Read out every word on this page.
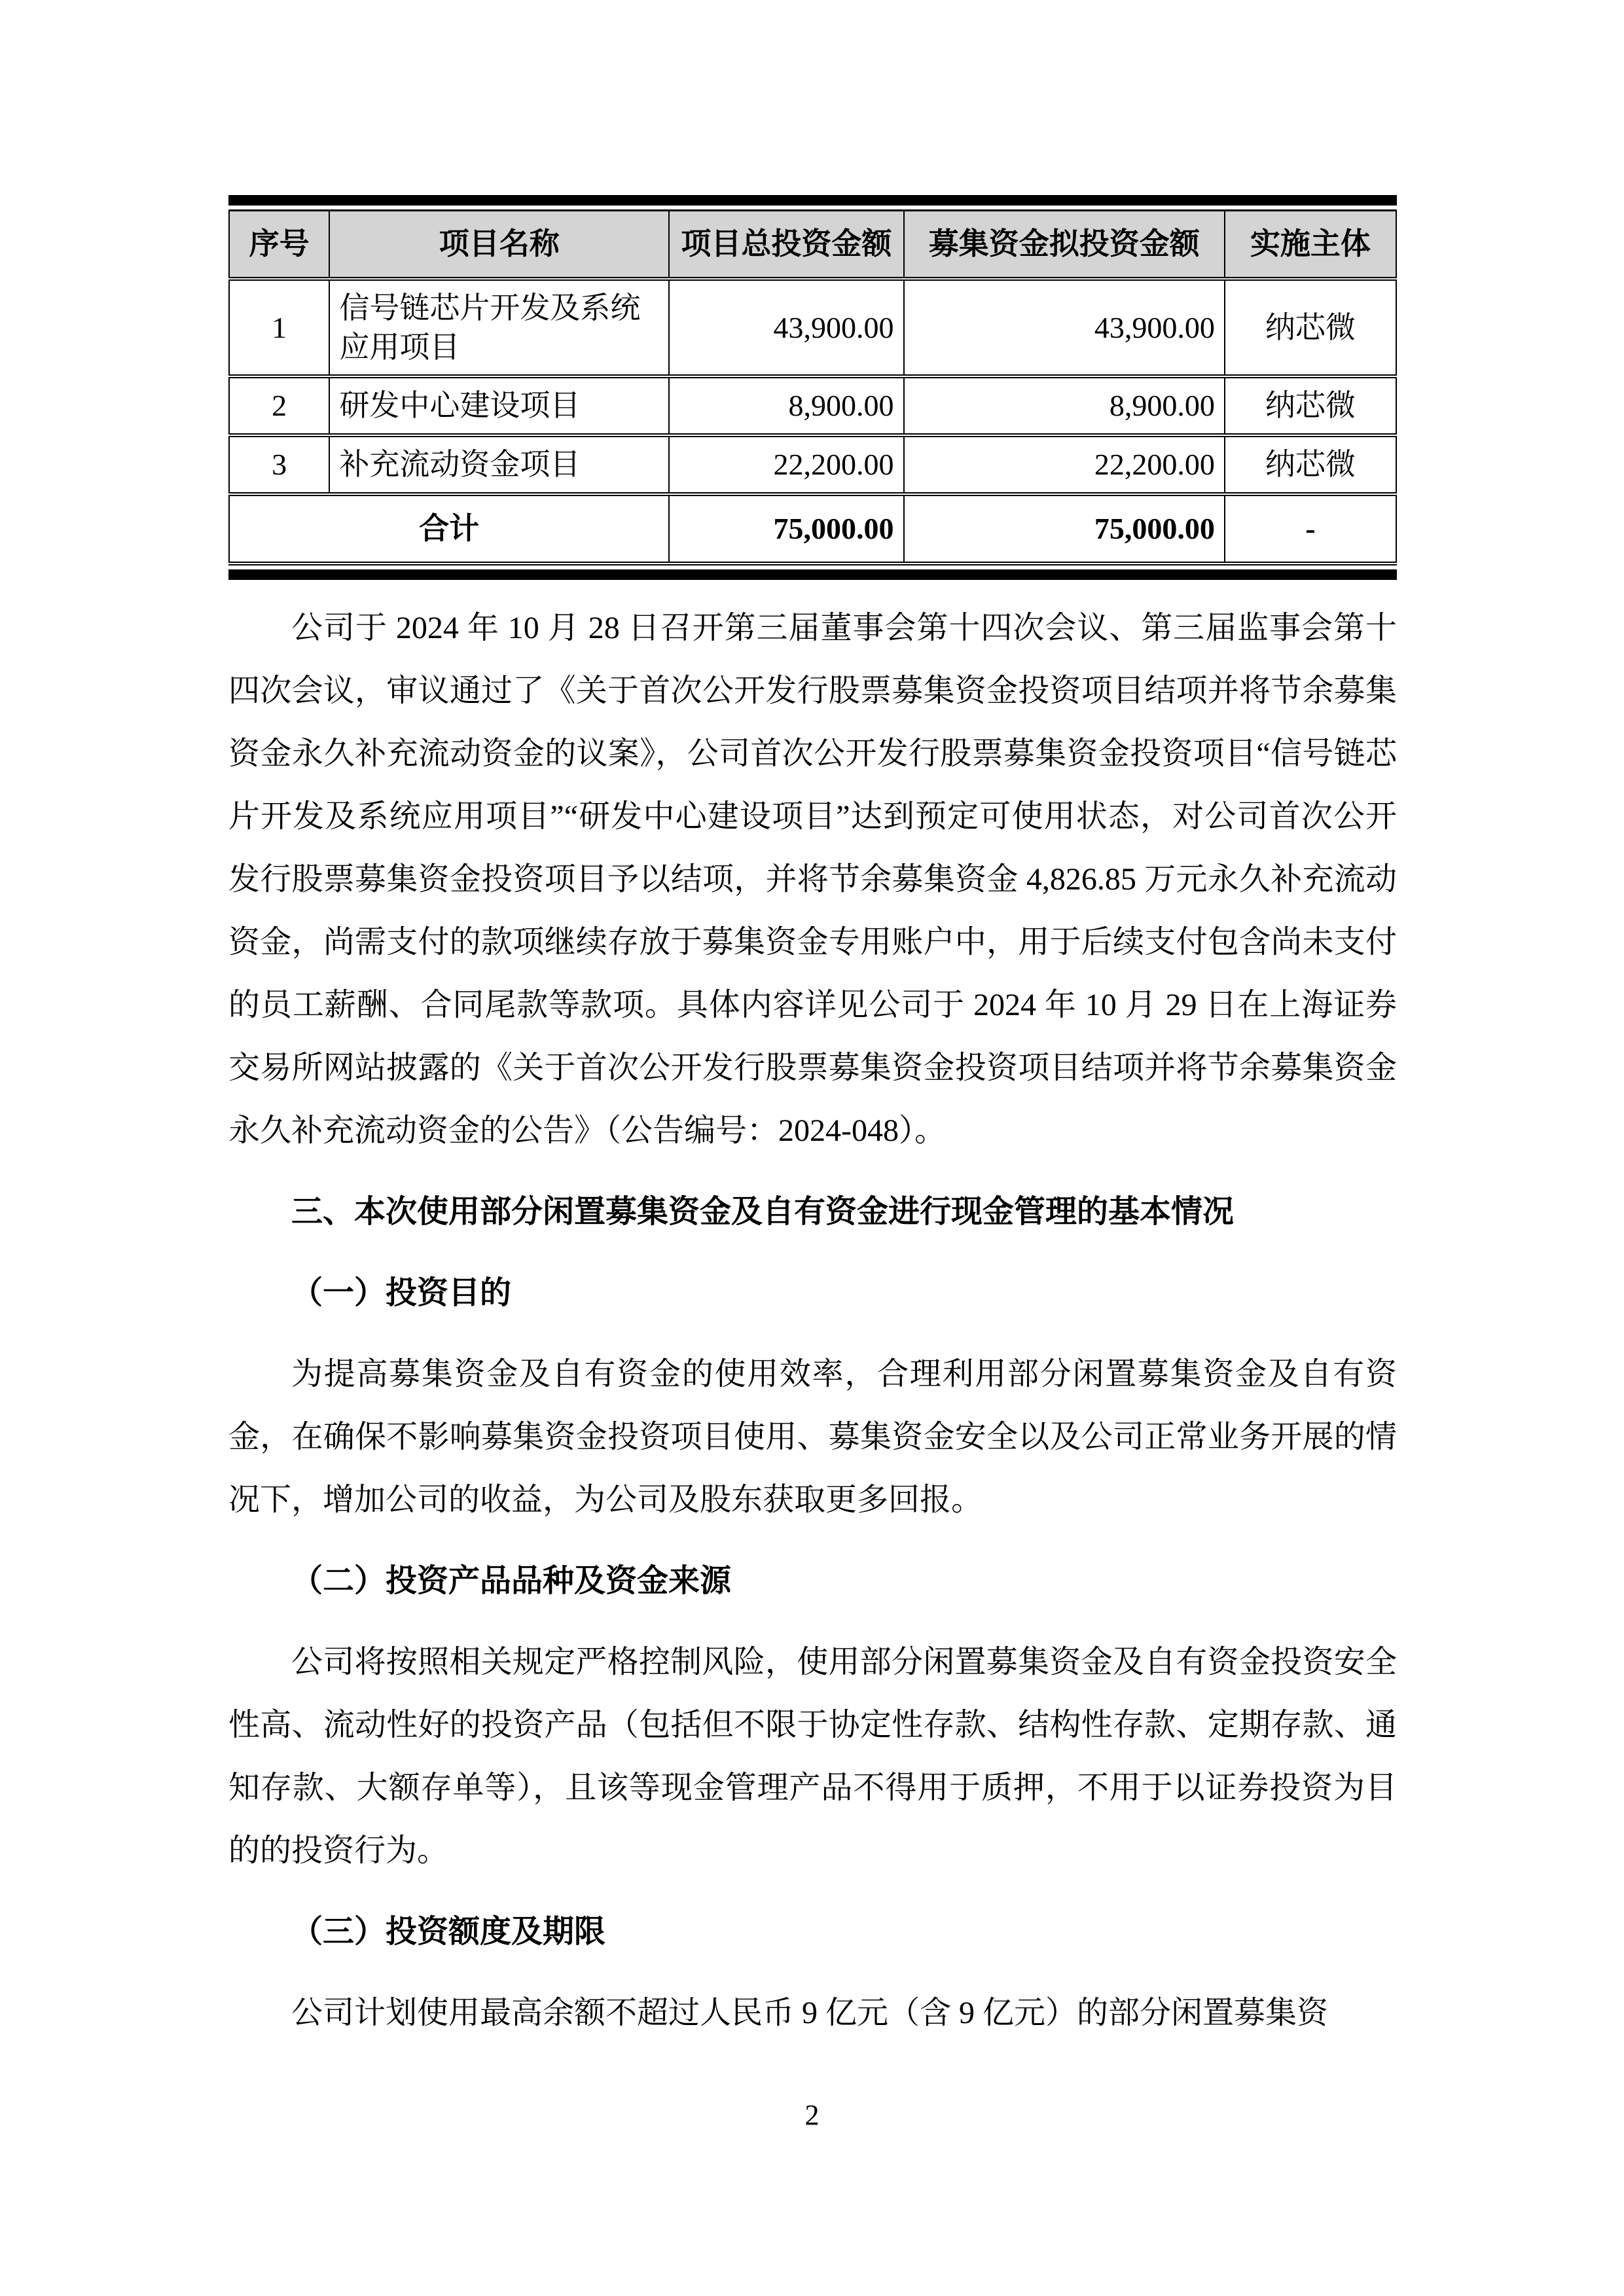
序号	项目名称	项目总投资金额	募集资金拟投资金额	实施主体
1	信号链芯片开发及系统应用项目	43,900.00	43,900.00	纳芯微
2	研发中心建设项目	8,900.00	8,900.00	纳芯微
3	补充流动资金项目	22,200.00	22,200.00	纳芯微
合计		75,000.00	75,000.00	-

公司于 2024 年 10 月 28 日召开第三届董事会第十四次会议、第三届监事会第十四次会议，审议通过了《关于首次公开发行股票募集资金投资项目结项并将节余募集资金永久补充流动资金的议案》，公司首次公开发行股票募集资金投资项目“信号链芯片开发及系统应用项目”“研发中心建设项目”达到预定可使用状态，对公司首次公开发行股票募集资金投资项目予以结项，并将节余募集资金 4,826.85 万元永久补充流动资金，尚需支付的款项继续存放于募集资金专用账户中，用于后续支付包含尚未支付的员工薪酬、合同尾款等款项。具体内容详见公司于 2024 年 10 月 29 日在上海证券交易所网站披露的《关于首次公开发行股票募集资金投资项目结项并将节余募集资金永久补充流动资金的公告》（公告编号：2024-048）。

三、本次使用部分闲置募集资金及自有资金进行现金管理的基本情况
（一）投资目的

为提高募集资金及自有资金的使用效率，合理利用部分闲置募集资金及自有资金，在确保不影响募集资金投资项目使用、募集资金安全以及公司正常业务开展的情况下，增加公司的收益，为公司及股东获取更多回报。

（二）投资产品品种及资金来源

公司将按照相关规定严格控制风险，使用部分闲置募集资金及自有资金投资安全性高、流动性好的投资产品（包括但不限于协定性存款、结构性存款、定期存款、通知存款、大额存单等），且该等现金管理产品不得用于质押，不用于以证券投资为目的的投资行为。

（三）投资额度及期限

公司计划使用最高余额不超过人民币 9 亿元（含 9 亿元）的部分闲置募集资

2
